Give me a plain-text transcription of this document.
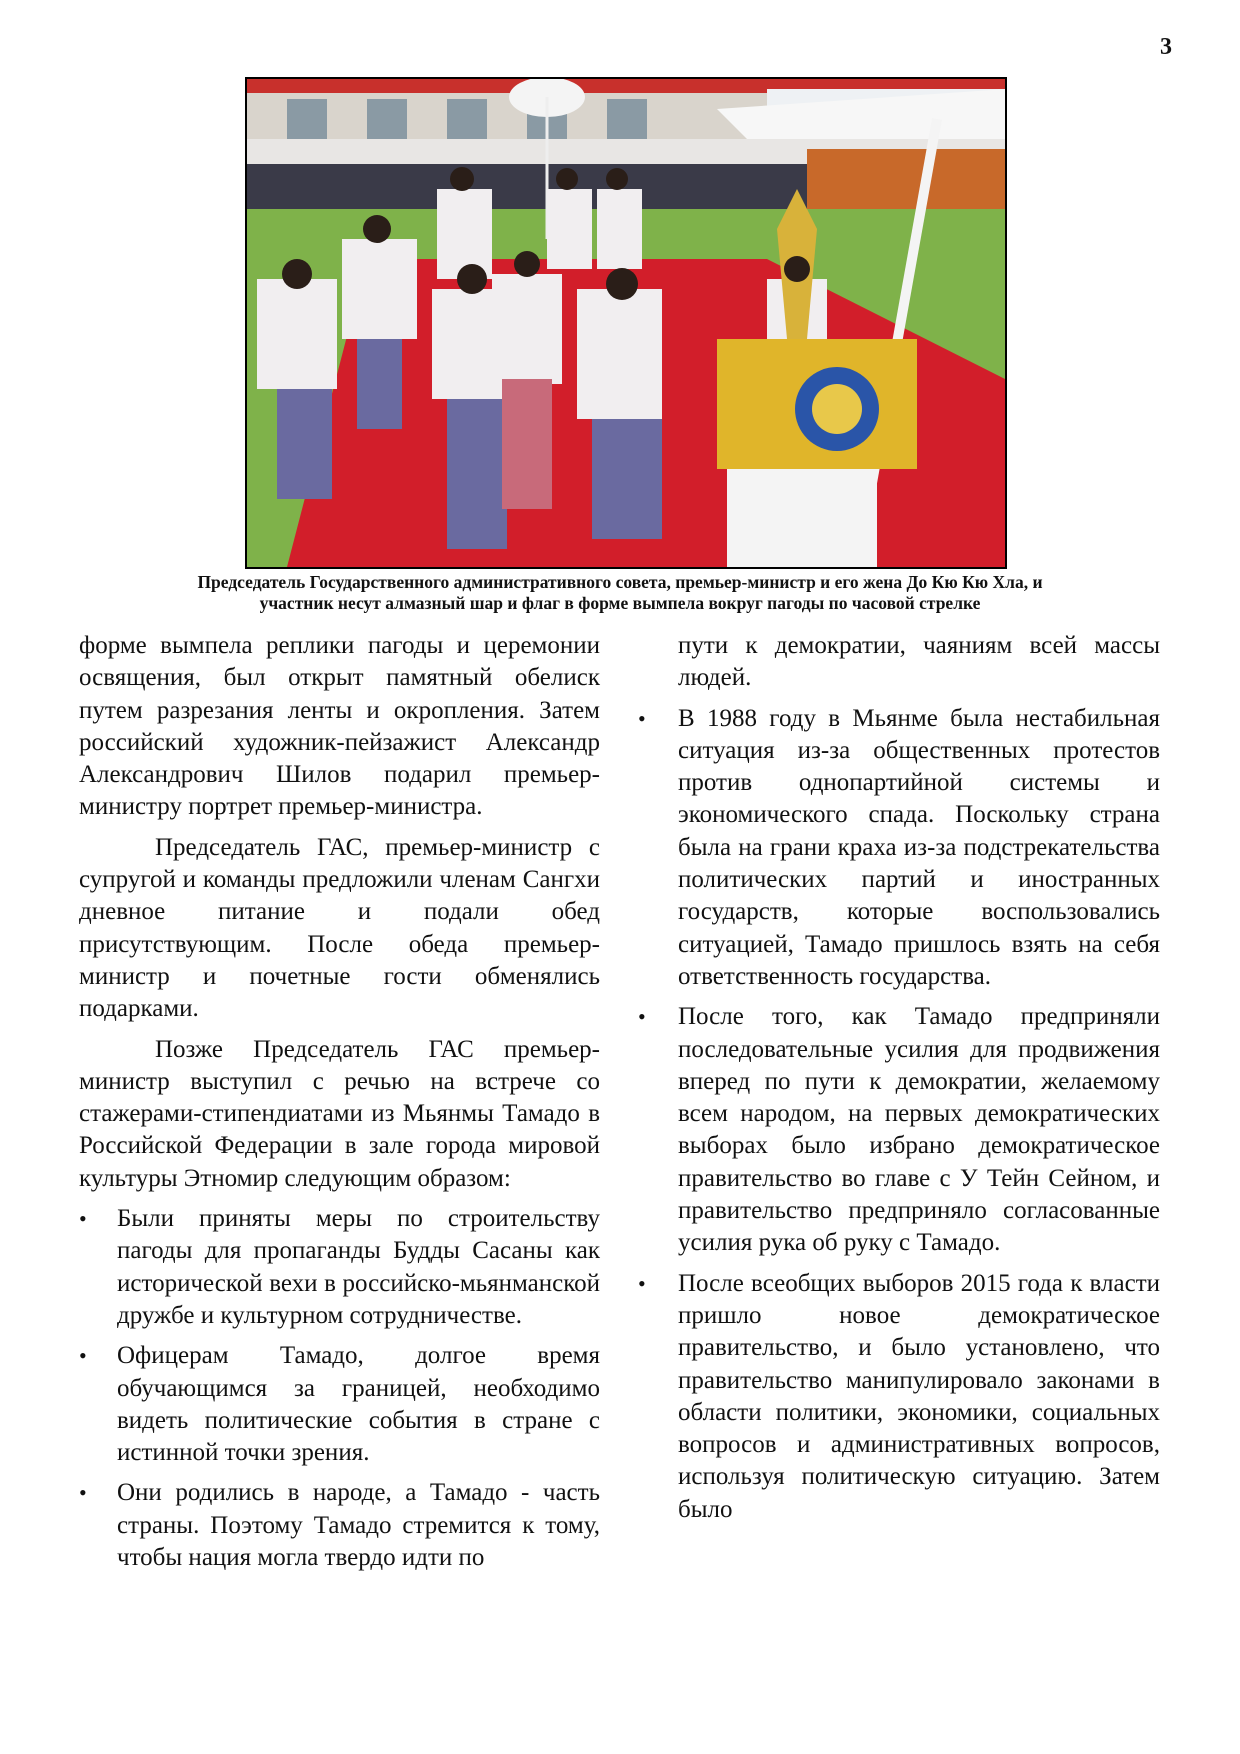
3
Председатель Государственного административного совета, премьер-министр и его жена До Кю Кю Хла, и
участник несут алмазный шар и флаг в форме вымпела вокруг пагоды по часовой стрелке

форме вымпела реплики пагоды и церемонии освящения, был открыт памятный обелиск путем разрезания ленты и окропления. Затем российский художник-пейзажист Александр Александрович Шилов подарил премьер-министру портрет премьер-министра.

Председатель ГАС, премьер-министр с супругой и команды предложили членам Сангхи дневное питание и подали обед присутствующим. После обеда премьер-министр и почетные гости обменялись подарками.

Позже Председатель ГАС премьер-министр выступил с речью на встрече со стажерами-стипендиатами из Мьянмы Тамадо в Российской Федерации в зале города мировой культуры Этномир следующим образом:

• Были приняты меры по строительству пагоды для пропаганды Будды Сасаны как исторической вехи в российско-мьянманской дружбе и культурном сотрудничестве.
• Офицерам Тамадо, долгое время обучающимся за границей, необходимо видеть политические события в стране с истинной точки зрения.
• Они родились в народе, а Тамадо - часть страны. Поэтому Тамадо стремится к тому, чтобы нация могла твердо идти по

пути к демократии, чаяниям всей массы людей.

• В 1988 году в Мьянме была нестабильная ситуация из-за общественных протестов против однопартийной системы и экономического спада. Поскольку страна была на грани краха из-за подстрекательства политических партий и иностранных государств, которые воспользовались ситуацией, Тамадо пришлось взять на себя ответственность государства.
• После того, как Тамадо предприняли последовательные усилия для продвижения вперед по пути к демократии, желаемому всем народом, на первых демократических выборах было избрано демократическое правительство во главе с У Тейн Сейном, и правительство предприняло согласованные усилия рука об руку с Тамадо.
• После всеобщих выборов 2015 года к власти пришло новое демократическое правительство, и было установлено, что правительство манипулировало законами в области политики, экономики, социальных вопросов и административных вопросов, используя политическую ситуацию. Затем было
